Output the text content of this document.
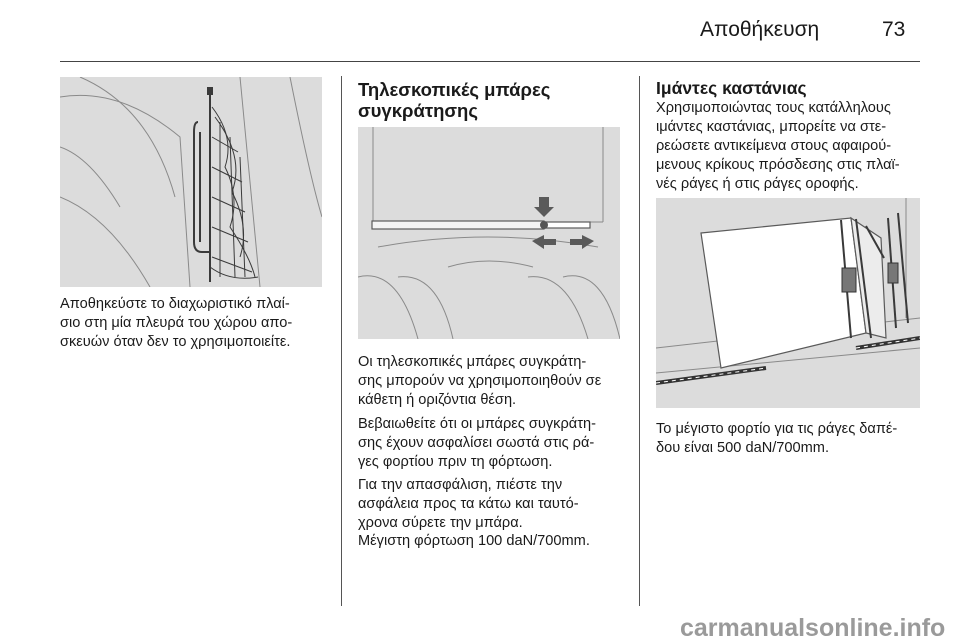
Αποθήκευση	73
Αποθηκεύστε το διαχωριστικό πλαί-
σιο στη μία πλευρά του χώρου απο-
σκευών όταν δεν το χρησιμοποιείτε.
Τηλεσκοπικές μπάρες
συγκράτησης
Οι τηλεσκοπικές μπάρες συγκράτη-
σης μπορούν να χρησιμοποιηθούν σε
κάθετη ή οριζόντια θέση.
Βεβαιωθείτε ότι οι μπάρες συγκράτη-
σης έχουν ασφαλίσει σωστά στις ρά-
γες φορτίου πριν τη φόρτωση.
Για την απασφάλιση, πιέστε την
ασφάλεια προς τα κάτω και ταυτό-
χρονα σύρετε την μπάρα.
Μέγιστη φόρτωση 100 daN/700mm.
Ιμάντες καστάνιας
Χρησιμοποιώντας τους κατάλληλους
ιμάντες καστάνιας, μπορείτε να στε-
ρεώσετε αντικείμενα στους αφαιρού-
μενους κρίκους πρόσδεσης στις πλαϊ-
νές ράγες ή στις ράγες οροφής.
Το μέγιστο φορτίο για τις ράγες δαπέ-
δου είναι 500 daN/700mm.
carmanualsonline.info
